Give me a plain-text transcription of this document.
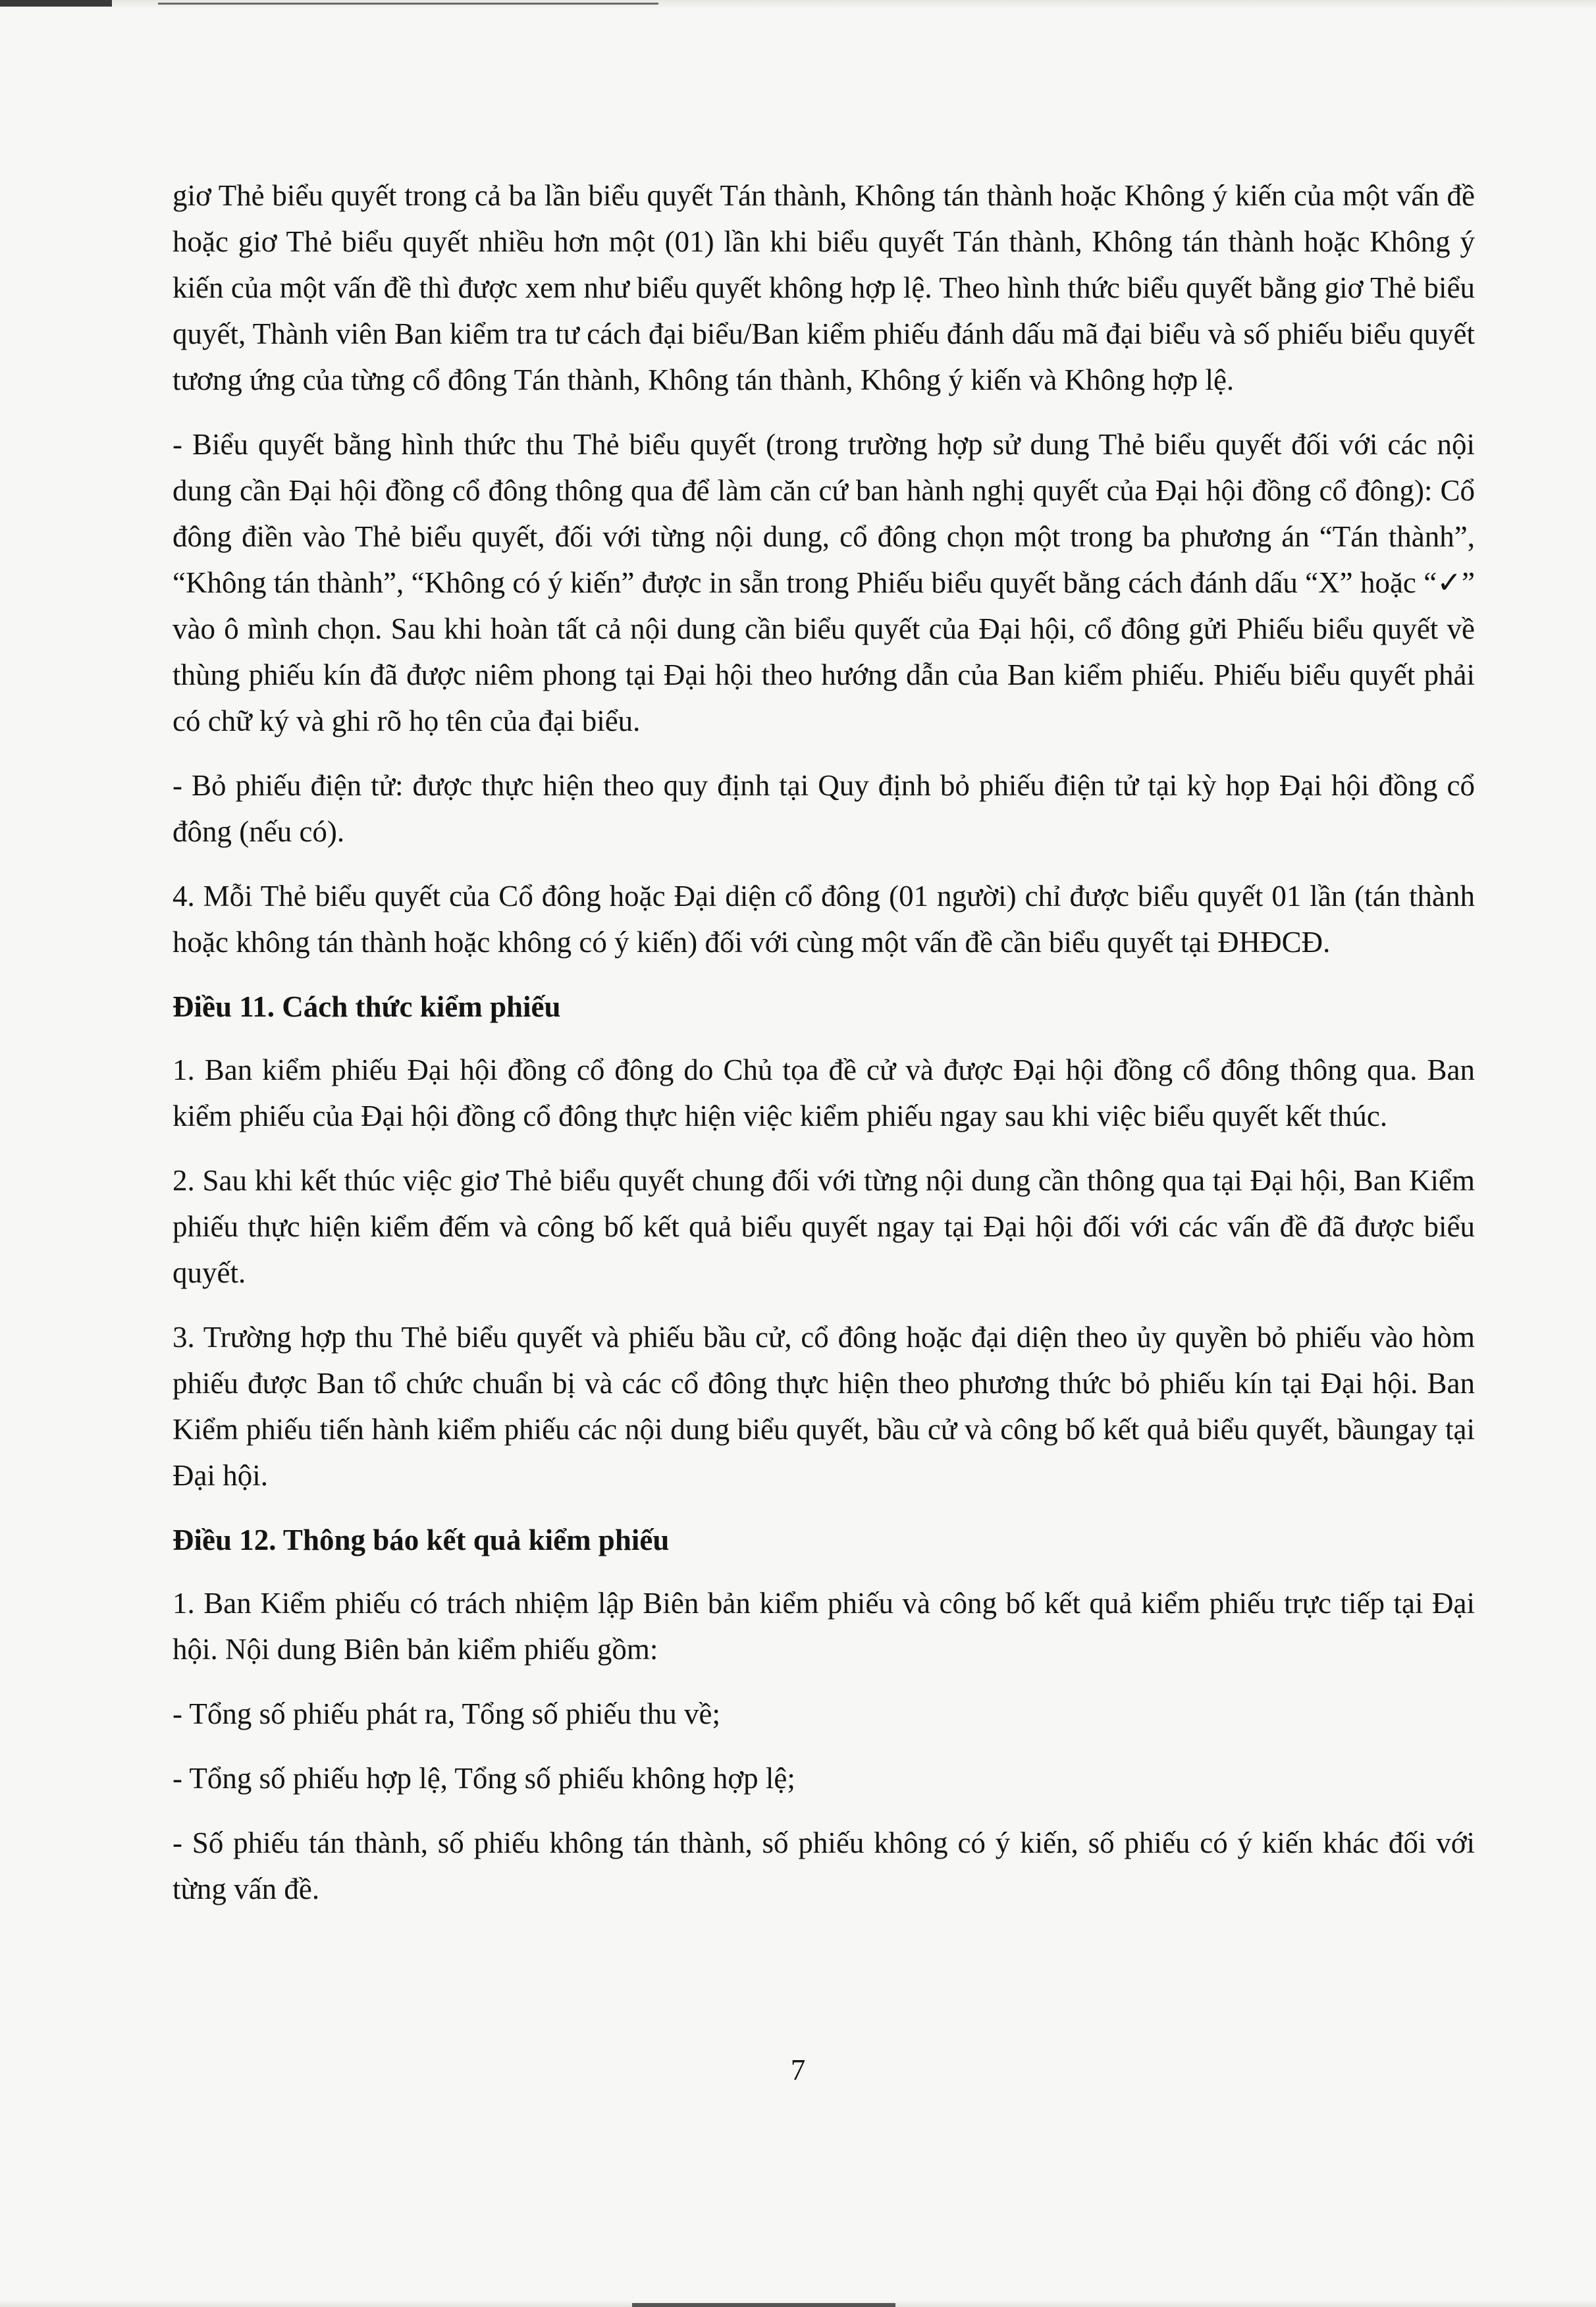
giơ Thẻ biểu quyết trong cả ba lần biểu quyết Tán thành, Không tán thành hoặc Không ý kiến của một vấn đề hoặc giơ Thẻ biểu quyết nhiều hơn một (01) lần khi biểu quyết Tán thành, Không tán thành hoặc Không ý kiến của một vấn đề thì được xem như biểu quyết không hợp lệ. Theo hình thức biểu quyết bằng giơ Thẻ biểu quyết, Thành viên Ban kiểm tra tư cách đại biểu/Ban kiểm phiếu đánh dấu mã đại biểu và số phiếu biểu quyết tương ứng của từng cổ đông Tán thành, Không tán thành, Không ý kiến và Không hợp lệ.

- Biểu quyết bằng hình thức thu Thẻ biểu quyết (trong trường hợp sử dung Thẻ biểu quyết đối với các nội dung cần Đại hội đồng cổ đông thông qua để làm căn cứ ban hành nghị quyết của Đại hội đồng cổ đông): Cổ đông điền vào Thẻ biểu quyết, đối với từng nội dung, cổ đông chọn một trong ba phương án “Tán thành”, “Không tán thành”, “Không có ý kiến” được in sẵn trong Phiếu biểu quyết bằng cách đánh dấu “X” hoặc “✓” vào ô mình chọn. Sau khi hoàn tất cả nội dung cần biểu quyết của Đại hội, cổ đông gửi Phiếu biểu quyết về thùng phiếu kín đã được niêm phong tại Đại hội theo hướng dẫn của Ban kiểm phiếu. Phiếu biểu quyết phải có chữ ký và ghi rõ họ tên của đại biểu.

- Bỏ phiếu điện tử: được thực hiện theo quy định tại Quy định bỏ phiếu điện tử tại kỳ họp Đại hội đồng cổ đông (nếu có).

4. Mỗi Thẻ biểu quyết của Cổ đông hoặc Đại diện cổ đông (01 người) chỉ được biểu quyết 01 lần (tán thành hoặc không tán thành hoặc không có ý kiến) đối với cùng một vấn đề cần biểu quyết tại ĐHĐCĐ.

Điều 11. Cách thức kiểm phiếu

1. Ban kiểm phiếu Đại hội đồng cổ đông do Chủ tọa đề cử và được Đại hội đồng cổ đông thông qua. Ban kiểm phiếu của Đại hội đồng cổ đông thực hiện việc kiểm phiếu ngay sau khi việc biểu quyết kết thúc.

2. Sau khi kết thúc việc giơ Thẻ biểu quyết chung đối với từng nội dung cần thông qua tại Đại hội, Ban Kiểm phiếu thực hiện kiểm đếm và công bố kết quả biểu quyết ngay tại Đại hội đối với các vấn đề đã được biểu quyết.

3. Trường hợp thu Thẻ biểu quyết và phiếu bầu cử, cổ đông hoặc đại diện theo ủy quyền bỏ phiếu vào hòm phiếu được Ban tổ chức chuẩn bị và các cổ đông thực hiện theo phương thức bỏ phiếu kín tại Đại hội. Ban Kiểm phiếu tiến hành kiểm phiếu các nội dung biểu quyết, bầu cử và công bố kết quả biểu quyết, bầungay tại Đại hội.

Điều 12. Thông báo kết quả kiểm phiếu

1. Ban Kiểm phiếu có trách nhiệm lập Biên bản kiểm phiếu và công bố kết quả kiểm phiếu trực tiếp tại Đại hội. Nội dung Biên bản kiểm phiếu gồm:

- Tổng số phiếu phát ra, Tổng số phiếu thu về;

- Tổng số phiếu hợp lệ, Tổng số phiếu không hợp lệ;

- Số phiếu tán thành, số phiếu không tán thành, số phiếu không có ý kiến, số phiếu có ý kiến khác đối với từng vấn đề.

7
